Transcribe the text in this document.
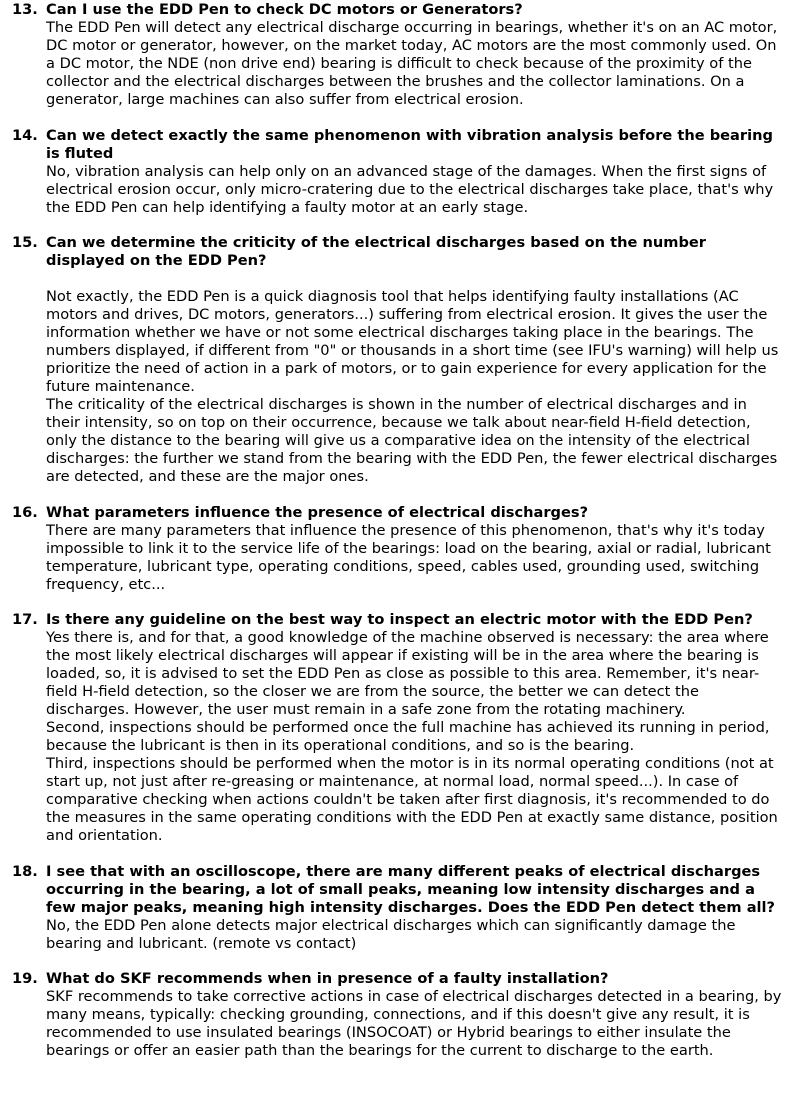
13. Can I use the EDD Pen to check DC motors or Generators?

The EDD Pen will detect any electrical discharge occurring in bearings, whether it's on an AC motor, DC motor or generator, however, on the market today, AC motors are the most commonly used. On a DC motor, the NDE (non drive end) bearing is difficult to check because of the proximity of the collector and the electrical discharges between the brushes and the collector laminations. On a generator, large machines can also suffer from electrical erosion.

14. Can we detect exactly the same phenomenon with vibration analysis before the bearing is fluted

No, vibration analysis can help only on an advanced stage of the damages. When the first signs of electrical erosion occur, only micro-cratering due to the electrical discharges take place, that's why the EDD Pen can help identifying a faulty motor at an early stage.

15. Can we determine the criticity of the electrical discharges based on the number displayed on the EDD Pen?

Not exactly, the EDD Pen is a quick diagnosis tool that helps identifying faulty installations (AC motors and drives, DC motors, generators...) suffering from electrical erosion. It gives the user the information whether we have or not some electrical discharges taking place in the bearings. The numbers displayed, if different from "0" or thousands in a short time (see IFU's warning) will help us prioritize the need of action in a park of motors, or to gain experience for every application for the future maintenance.

The criticality of the electrical discharges is shown in the number of electrical discharges and in their intensity, so on top on their occurrence, because we talk about near-field H-field detection, only the distance to the bearing will give us a comparative idea on the intensity of the electrical discharges: the further we stand from the bearing with the EDD Pen, the fewer electrical discharges are detected, and these are the major ones.

16. What parameters influence the presence of electrical discharges?

There are many parameters that influence the presence of this phenomenon, that's why it's today impossible to link it to the service life of the bearings: load on the bearing, axial or radial, lubricant temperature, lubricant type, operating conditions, speed, cables used, grounding used, switching frequency, etc...

17. Is there any guideline on the best way to inspect an electric motor with the EDD Pen?

Yes there is, and for that, a good knowledge of the machine observed is necessary: the area where the most likely electrical discharges will appear if existing will be in the area where the bearing is loaded, so, it is advised to set the EDD Pen as close as possible to this area. Remember, it's near-field H-field detection, so the closer we are from the source, the better we can detect the discharges. However, the user must remain in a safe zone from the rotating machinery.

Second, inspections should be performed once the full machine has achieved its running in period, because the lubricant is then in its operational conditions, and so is the bearing.

Third, inspections should be performed when the motor is in its normal operating conditions (not at start up, not just after re-greasing or maintenance, at normal load, normal speed...). In case of comparative checking when actions couldn't be taken after first diagnosis, it's recommended to do the measures in the same operating conditions with the EDD Pen at exactly same distance, position and orientation.

18. I see that with an oscilloscope, there are many different peaks of electrical discharges occurring in the bearing, a lot of small peaks, meaning low intensity discharges and a few major peaks, meaning high intensity discharges. Does the EDD Pen detect them all?

No, the EDD Pen alone detects major electrical discharges which can significantly damage the bearing and lubricant. (remote vs contact)

19. What do SKF recommends when in presence of a faulty installation?

SKF recommends to take corrective actions in case of electrical discharges detected in a bearing, by many means, typically: checking grounding, connections, and if this doesn't give any result, it is recommended to use insulated bearings (INSOCOAT) or Hybrid bearings to either insulate the bearings or offer an easier path than the bearings for the current to discharge to the earth.
